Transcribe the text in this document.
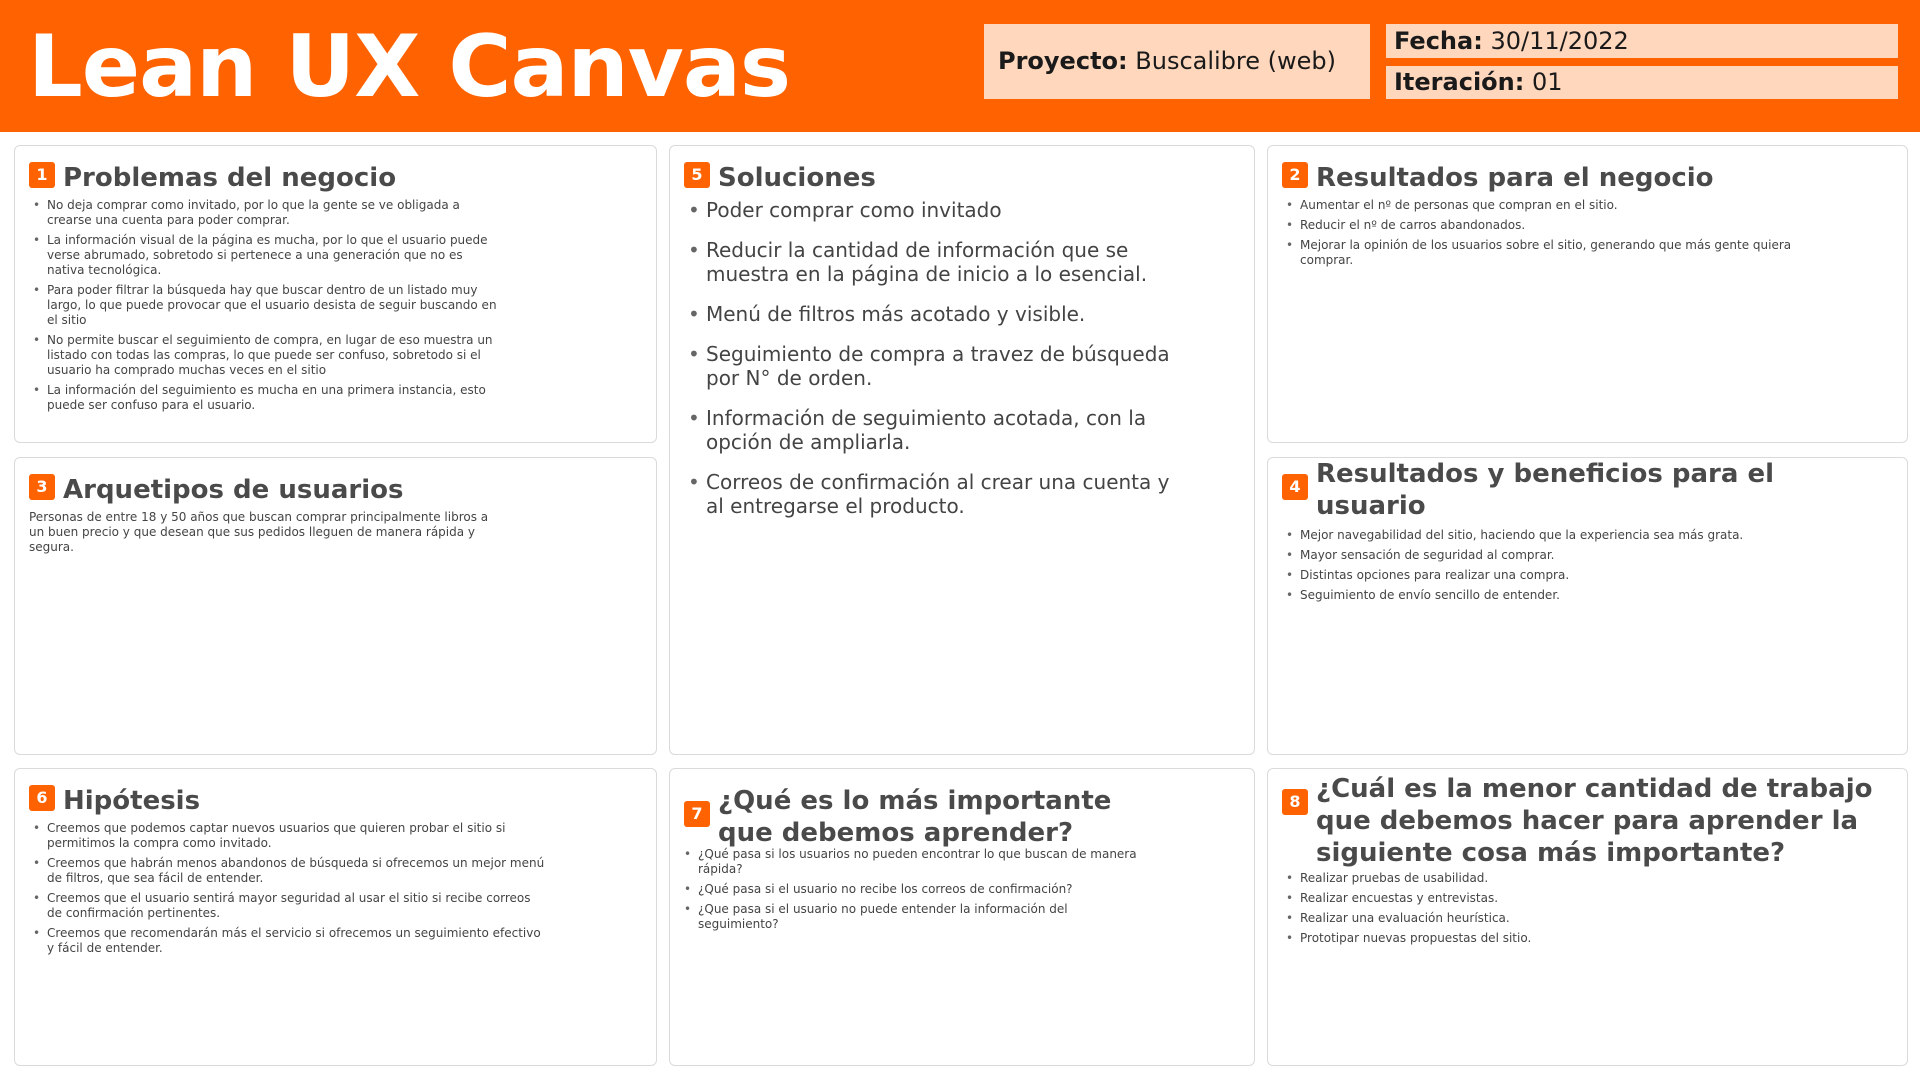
Lean UX Canvas	Proyecto: Buscalibre (web)
Fecha: 30/11/2022
Iteración: 01
1 Problemas del negocio
• No deja comprar como invitado, por lo que la gente se ve obligada a crearse una cuenta para poder comprar.
• La información visual de la página es mucha, por lo que el usuario puede verse abrumado, sobretodo si pertenece a una generación que no es nativa tecnológica.
• Para poder filtrar la búsqueda hay que buscar dentro de un listado muy largo, lo que puede provocar que el usuario desista de seguir buscando en el sitio
• No permite buscar el seguimiento de compra, en lugar de eso muestra un listado con todas las compras, lo que puede ser confuso, sobretodo si el usuario ha comprado muchas veces en el sitio
• La información del seguimiento es mucha en una primera instancia, esto puede ser confuso para el usuario.
3 Arquetipos de usuarios

Personas de entre 18 y 50 años que buscan comprar principalmente libros a un buen precio y que desean que sus pedidos lleguen de manera rápida y segura.

6 Hipótesis
• Creemos que podemos captar nuevos usuarios que quieren probar el sitio si permitimos la compra como invitado.
• Creemos que habrán menos abandonos de búsqueda si ofrecemos un mejor menú de filtros, que sea fácil de entender.
• Creemos que el usuario sentirá mayor seguridad al usar el sitio si recibe correos de confirmación pertinentes.
• Creemos que recomendarán más el servicio si ofrecemos un seguimiento efectivo y fácil de entender.
5 Soluciones
• Poder comprar como invitado
• Reducir la cantidad de información que se muestra en la página de inicio a lo esencial.
• Menú de filtros más acotado y visible.
• Seguimiento de compra a travez de búsqueda por N° de orden.
• Información de seguimiento acotada, con la opción de ampliarla.
• Correos de confirmación al crear una cuenta y al entregarse el producto.
7 ¿Qué es lo más importante que debemos aprender?
• ¿Qué pasa si los usuarios no pueden encontrar lo que buscan de manera rápida?
• ¿Qué pasa si el usuario no recibe los correos de confirmación?
• ¿Que pasa si el usuario no puede entender la información del seguimiento?
2 Resultados para el negocio
• Aumentar el nº de personas que compran en el sitio.
• Reducir el nº de carros abandonados.
• Mejorar la opinión de los usuarios sobre el sitio, generando que más gente quiera comprar.
4 Resultados y beneficios para el usuario
• Mejor navegabilidad del sitio, haciendo que la experiencia sea más grata.
• Mayor sensación de seguridad al comprar.
• Distintas opciones para realizar una compra.
• Seguimiento de envío sencillo de entender.
8 ¿Cuál es la menor cantidad de trabajo que debemos hacer para aprender la siguiente cosa más importante?
• Realizar pruebas de usabilidad.
• Realizar encuestas y entrevistas.
• Realizar una evaluación heurística.
• Prototipar nuevas propuestas del sitio.
